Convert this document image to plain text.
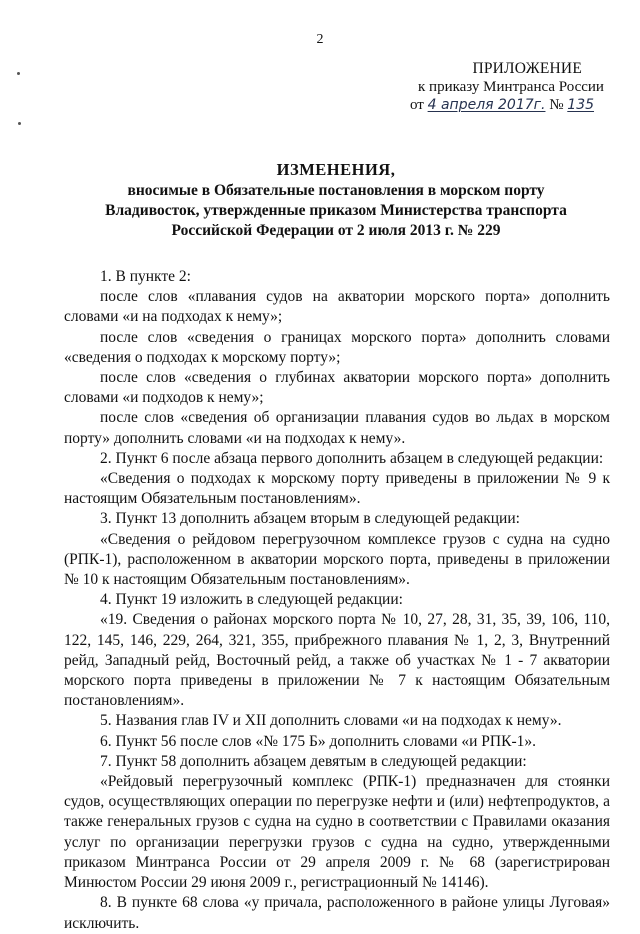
2
ПРИЛОЖЕНИЕ
к приказу Минтранса России
от 4 апреля 2017г. № 135
ИЗМЕНЕНИЯ,
вносимые в Обязательные постановления в морском порту
Владивосток, утвержденные приказом Министерства транспорта
Российской Федерации от 2 июля 2013 г. № 229

1. В пункте 2:

после слов «плавания судов на акватории морского порта» дополнить словами «и на подходах к нему»;

после слов «сведения о границах морского порта» дополнить словами «сведения о подходах к морскому порту»;

после слов «сведения о глубинах акватории морского порта» дополнить словами «и подходов к нему»;

после слов «сведения об организации плавания судов во льдах в морском порту» дополнить словами «и на подходах к нему».

2. Пункт 6 после абзаца первого дополнить абзацем в следующей редакции:

«Сведения о подходах к морскому порту приведены в приложении № 9 к настоящим Обязательным постановлениям».

3. Пункт 13 дополнить абзацем вторым в следующей редакции:

«Сведения о рейдовом перегрузочном комплексе грузов с судна на судно (РПК-1), расположенном в акватории морского порта, приведены в приложении № 10 к настоящим Обязательным постановлениям».

4. Пункт 19 изложить в следующей редакции:

«19. Сведения о районах морского порта № 10, 27, 28, 31, 35, 39, 106, 110, 122, 145, 146, 229, 264, 321, 355, прибрежного плавания № 1, 2, 3, Внутренний рейд, Западный рейд, Восточный рейд, а также об участках № 1 - 7 акватории морского порта приведены в приложении № 7 к настоящим Обязательным постановлениям».

5. Названия глав IV и XII дополнить словами «и на подходах к нему».

6. Пункт 56 после слов «№ 175 Б» дополнить словами «и РПК-1».

7. Пункт 58 дополнить абзацем девятым в следующей редакции:

«Рейдовый перегрузочный комплекс (РПК-1) предназначен для стоянки судов, осуществляющих операции по перегрузке нефти и (или) нефтепродуктов, а также генеральных грузов с судна на судно в соответствии с Правилами оказания услуг по организации перегрузки грузов с судна на судно, утвержденными приказом Минтранса России от 29 апреля 2009 г. № 68 (зарегистрирован Минюстом России 29 июня 2009 г., регистрационный № 14146).

8. В пункте 68 слова «у причала, расположенного в районе улицы Луговая» исключить.
